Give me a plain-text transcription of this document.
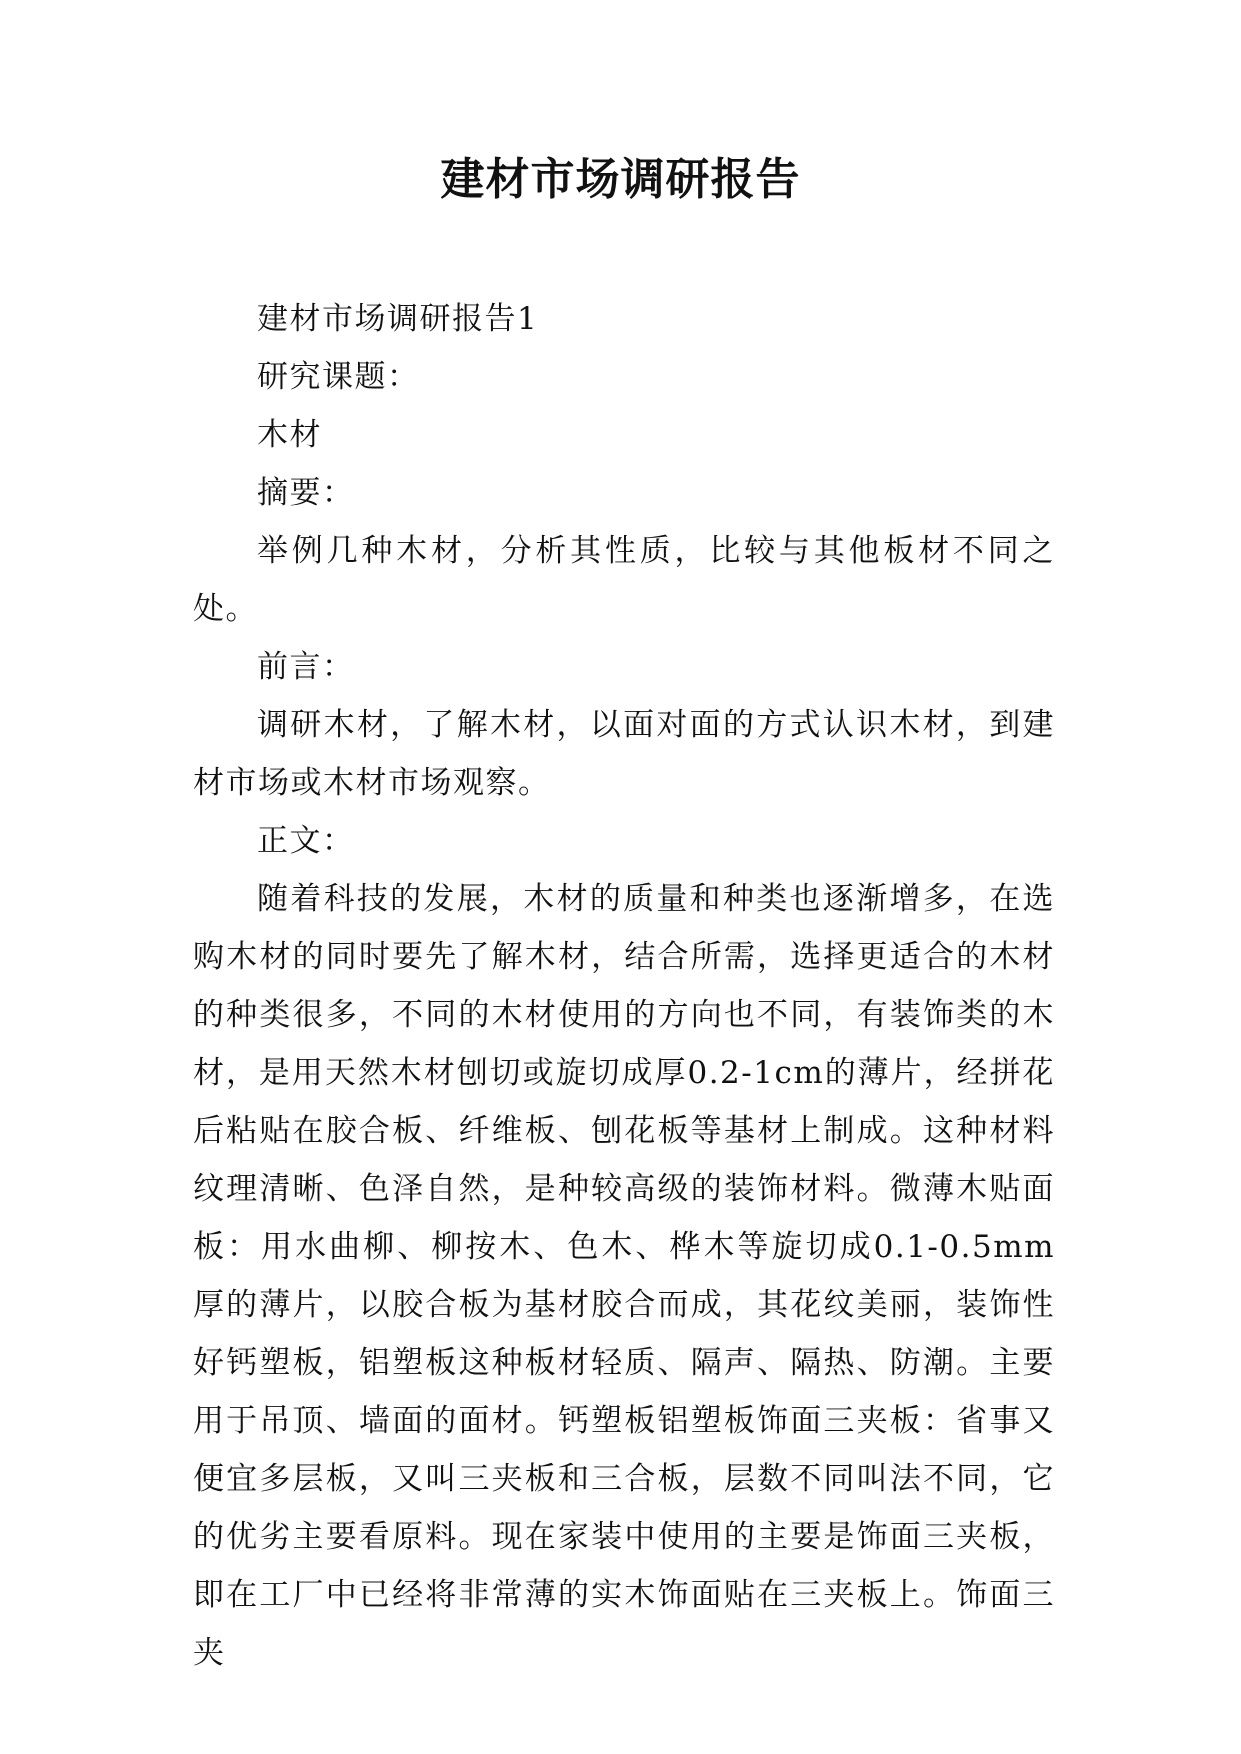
建材市场调研报告

建材市场调研报告1

研究课题：

木材

摘要：

举例几种木材，分析其性质，比较与其他板材不同之处。

前言：

调研木材，了解木材，以面对面的方式认识木材，到建材市场或木材市场观察。

正文：

随着科技的发展，木材的质量和种类也逐渐增多，在选购木材的同时要先了解木材，结合所需，选择更适合的木材的种类很多，不同的木材使用的方向也不同，有装饰类的木材，是用天然木材刨切或旋切成厚0.2-1cm的薄片，经拼花后粘贴在胶合板、纤维板、刨花板等基材上制成。这种材料纹理清晰、色泽自然，是种较高级的装饰材料。微薄木贴面板：用水曲柳、柳按木、色木、桦木等旋切成0.1-0.5mm厚的薄片，以胶合板为基材胶合而成，其花纹美丽，装饰性好钙塑板，铝塑板这种板材轻质、隔声、隔热、防潮。主要用于吊顶、墙面的面材。钙塑板铝塑板饰面三夹板：省事又便宜多层板，又叫三夹板和三合板，层数不同叫法不同，它的优劣主要看原料。现在家装中使用的主要是饰面三夹板，即在工厂中已经将非常薄的实木饰面贴在三夹板上。饰面三夹
